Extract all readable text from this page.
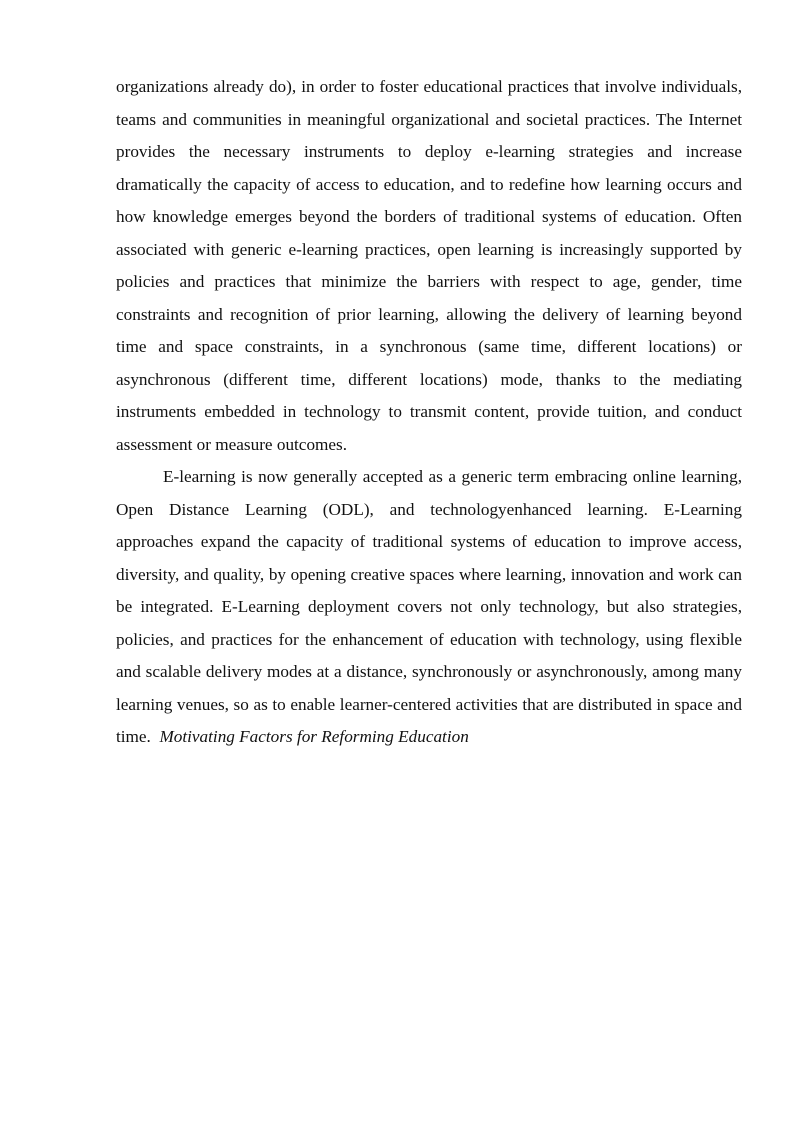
organizations already do), in order to foster educational practices that involve individuals, teams and communities in meaningful organizational and societal practices. The Internet provides the necessary instruments to deploy e-learning strategies and increase dramatically the capacity of access to education, and to redefine how learning occurs and how knowledge emerges beyond the borders of traditional systems of education. Often associated with generic e-learning practices, open learning is increasingly supported by policies and practices that minimize the barriers with respect to age, gender, time constraints and recognition of prior learning, allowing the delivery of learning beyond time and space constraints, in a synchronous (same time, different locations) or asynchronous (different time, different locations) mode, thanks to the mediating instruments embedded in technology to transmit content, provide tuition, and conduct assessment or measure outcomes.

E-learning is now generally accepted as a generic term embracing online learning, Open Distance Learning (ODL), and technologyenhanced learning. E-Learning approaches expand the capacity of traditional systems of education to improve access, diversity, and quality, by opening creative spaces where learning, innovation and work can be integrated. E-Learning deployment covers not only technology, but also strategies, policies, and practices for the enhancement of education with technology, using flexible and scalable delivery modes at a distance, synchronously or asynchronously, among many learning venues, so as to enable learner-centered activities that are distributed in space and time. Motivating Factors for Reforming Education
